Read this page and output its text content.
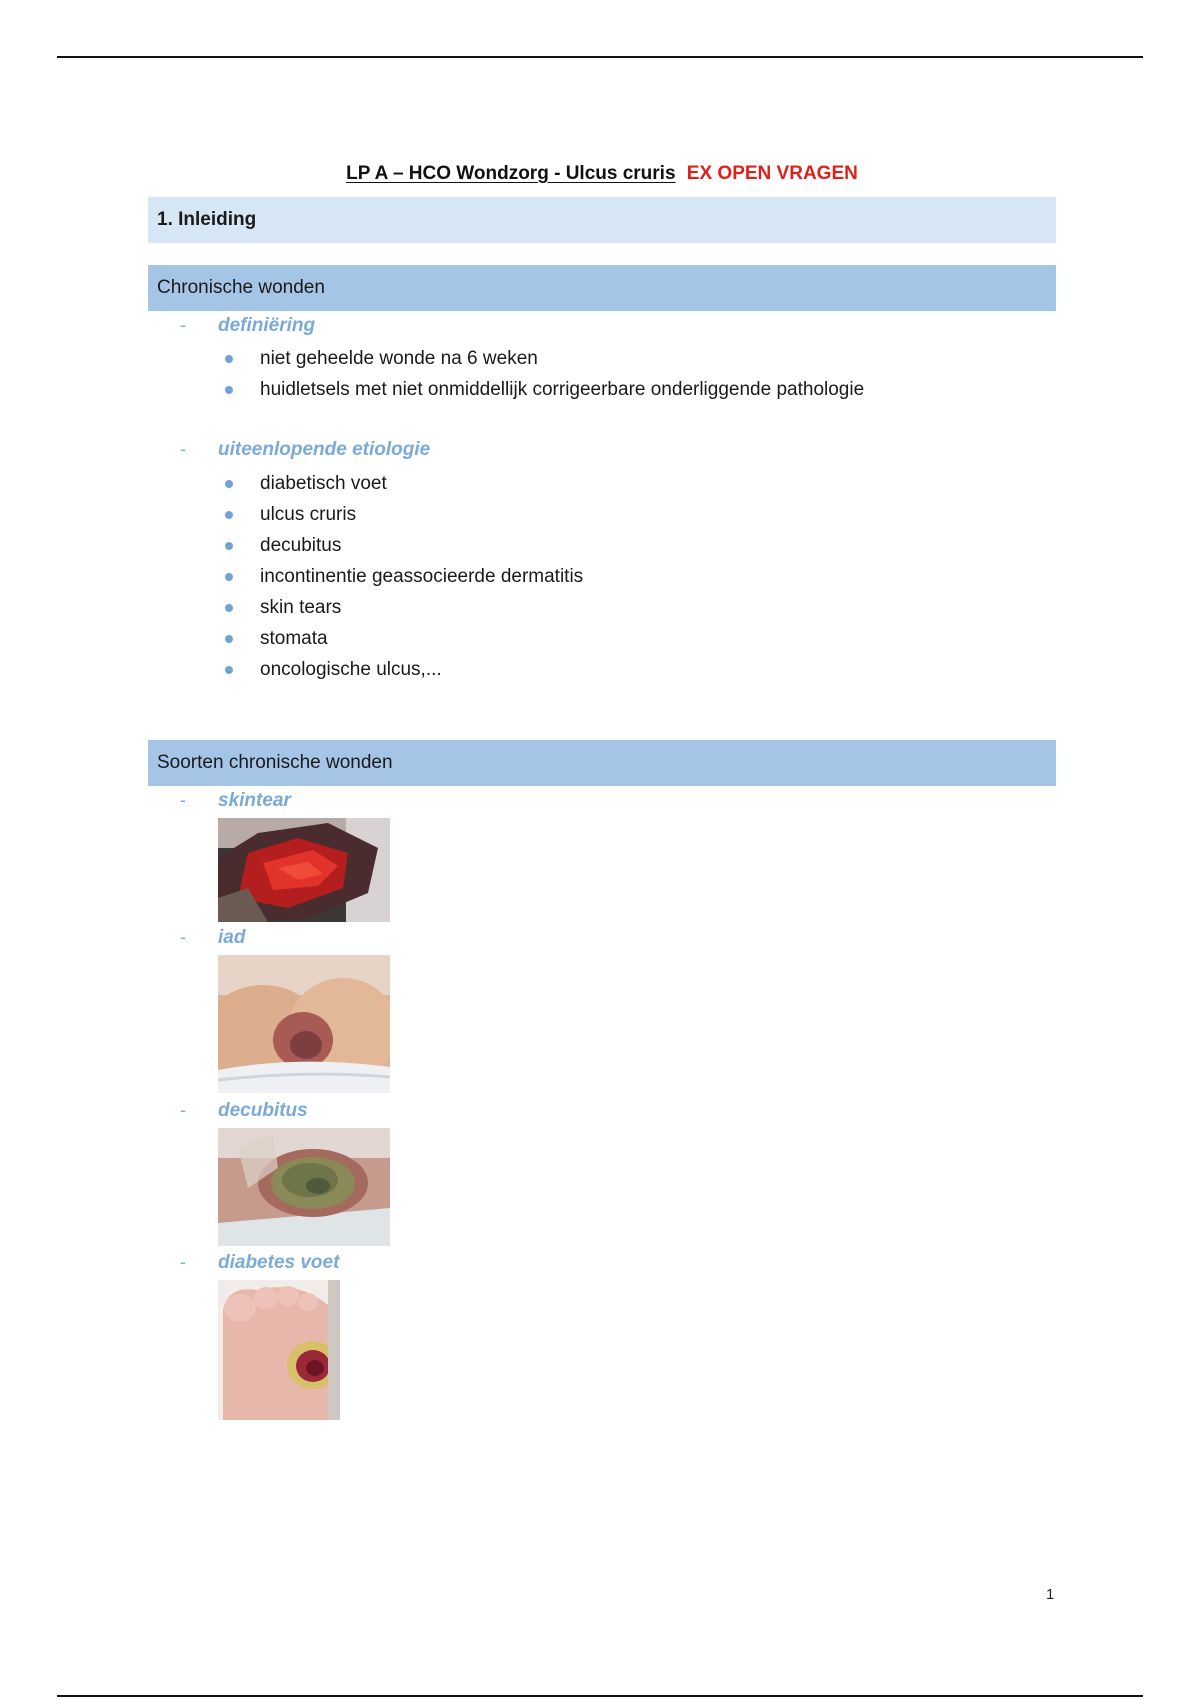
LP A – HCO Wondzorg - Ulcus cruris EX OPEN VRAGEN
1. Inleiding
Chronische wonden
-	definiëring
niet geheelde wonde na 6 weken
huidletsels met niet onmiddellijk corrigeerbare onderliggende pathologie
-	uiteenlopende etiologie
diabetisch voet
ulcus cruris
decubitus
incontinentie geassocieerde dermatitis
skin tears
stomata
oncologische ulcus,...
Soorten chronische wonden
-	skintear
-	iad
-	decubitus
-	diabetes voet
1
